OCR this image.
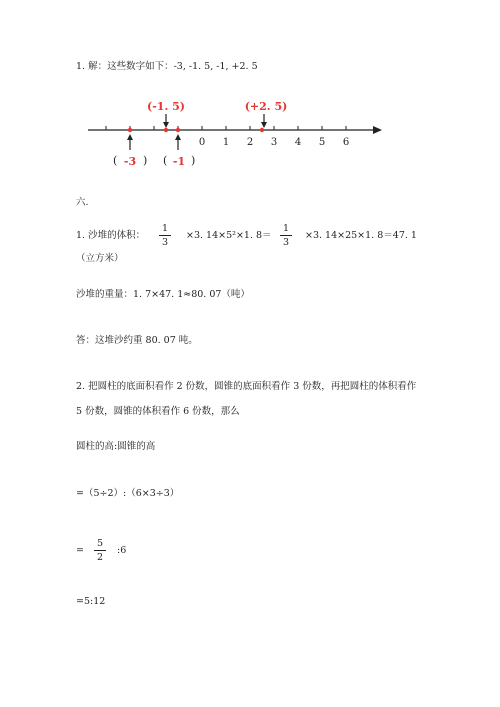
1. 解：这些数字如下：-3, -1. 5, -1, +2. 5
0 1 2 3 4 5 6
(-1. 5)	(+2. 5)
( -3 ) ( -1 )
六.
1. 沙堆的体积：
1
3
×3. 14×5²×1. 8＝
1
3
×3. 14×25×1. 8＝47. 1
（立方米）
沙堆的重量：1. 7×47. 1≈80. 07（吨）
答：这堆沙约重 80. 07 吨。
2. 把圆柱的底面积看作 2 份数，圆锥的底面积看作 3 份数，再把圆柱的体积看作
5 份数，圆锥的体积看作 6 份数，那么
圆柱的高:圆锥的高
=（5÷2）:（6×3÷3）
=
5
2
:6
=5:12
